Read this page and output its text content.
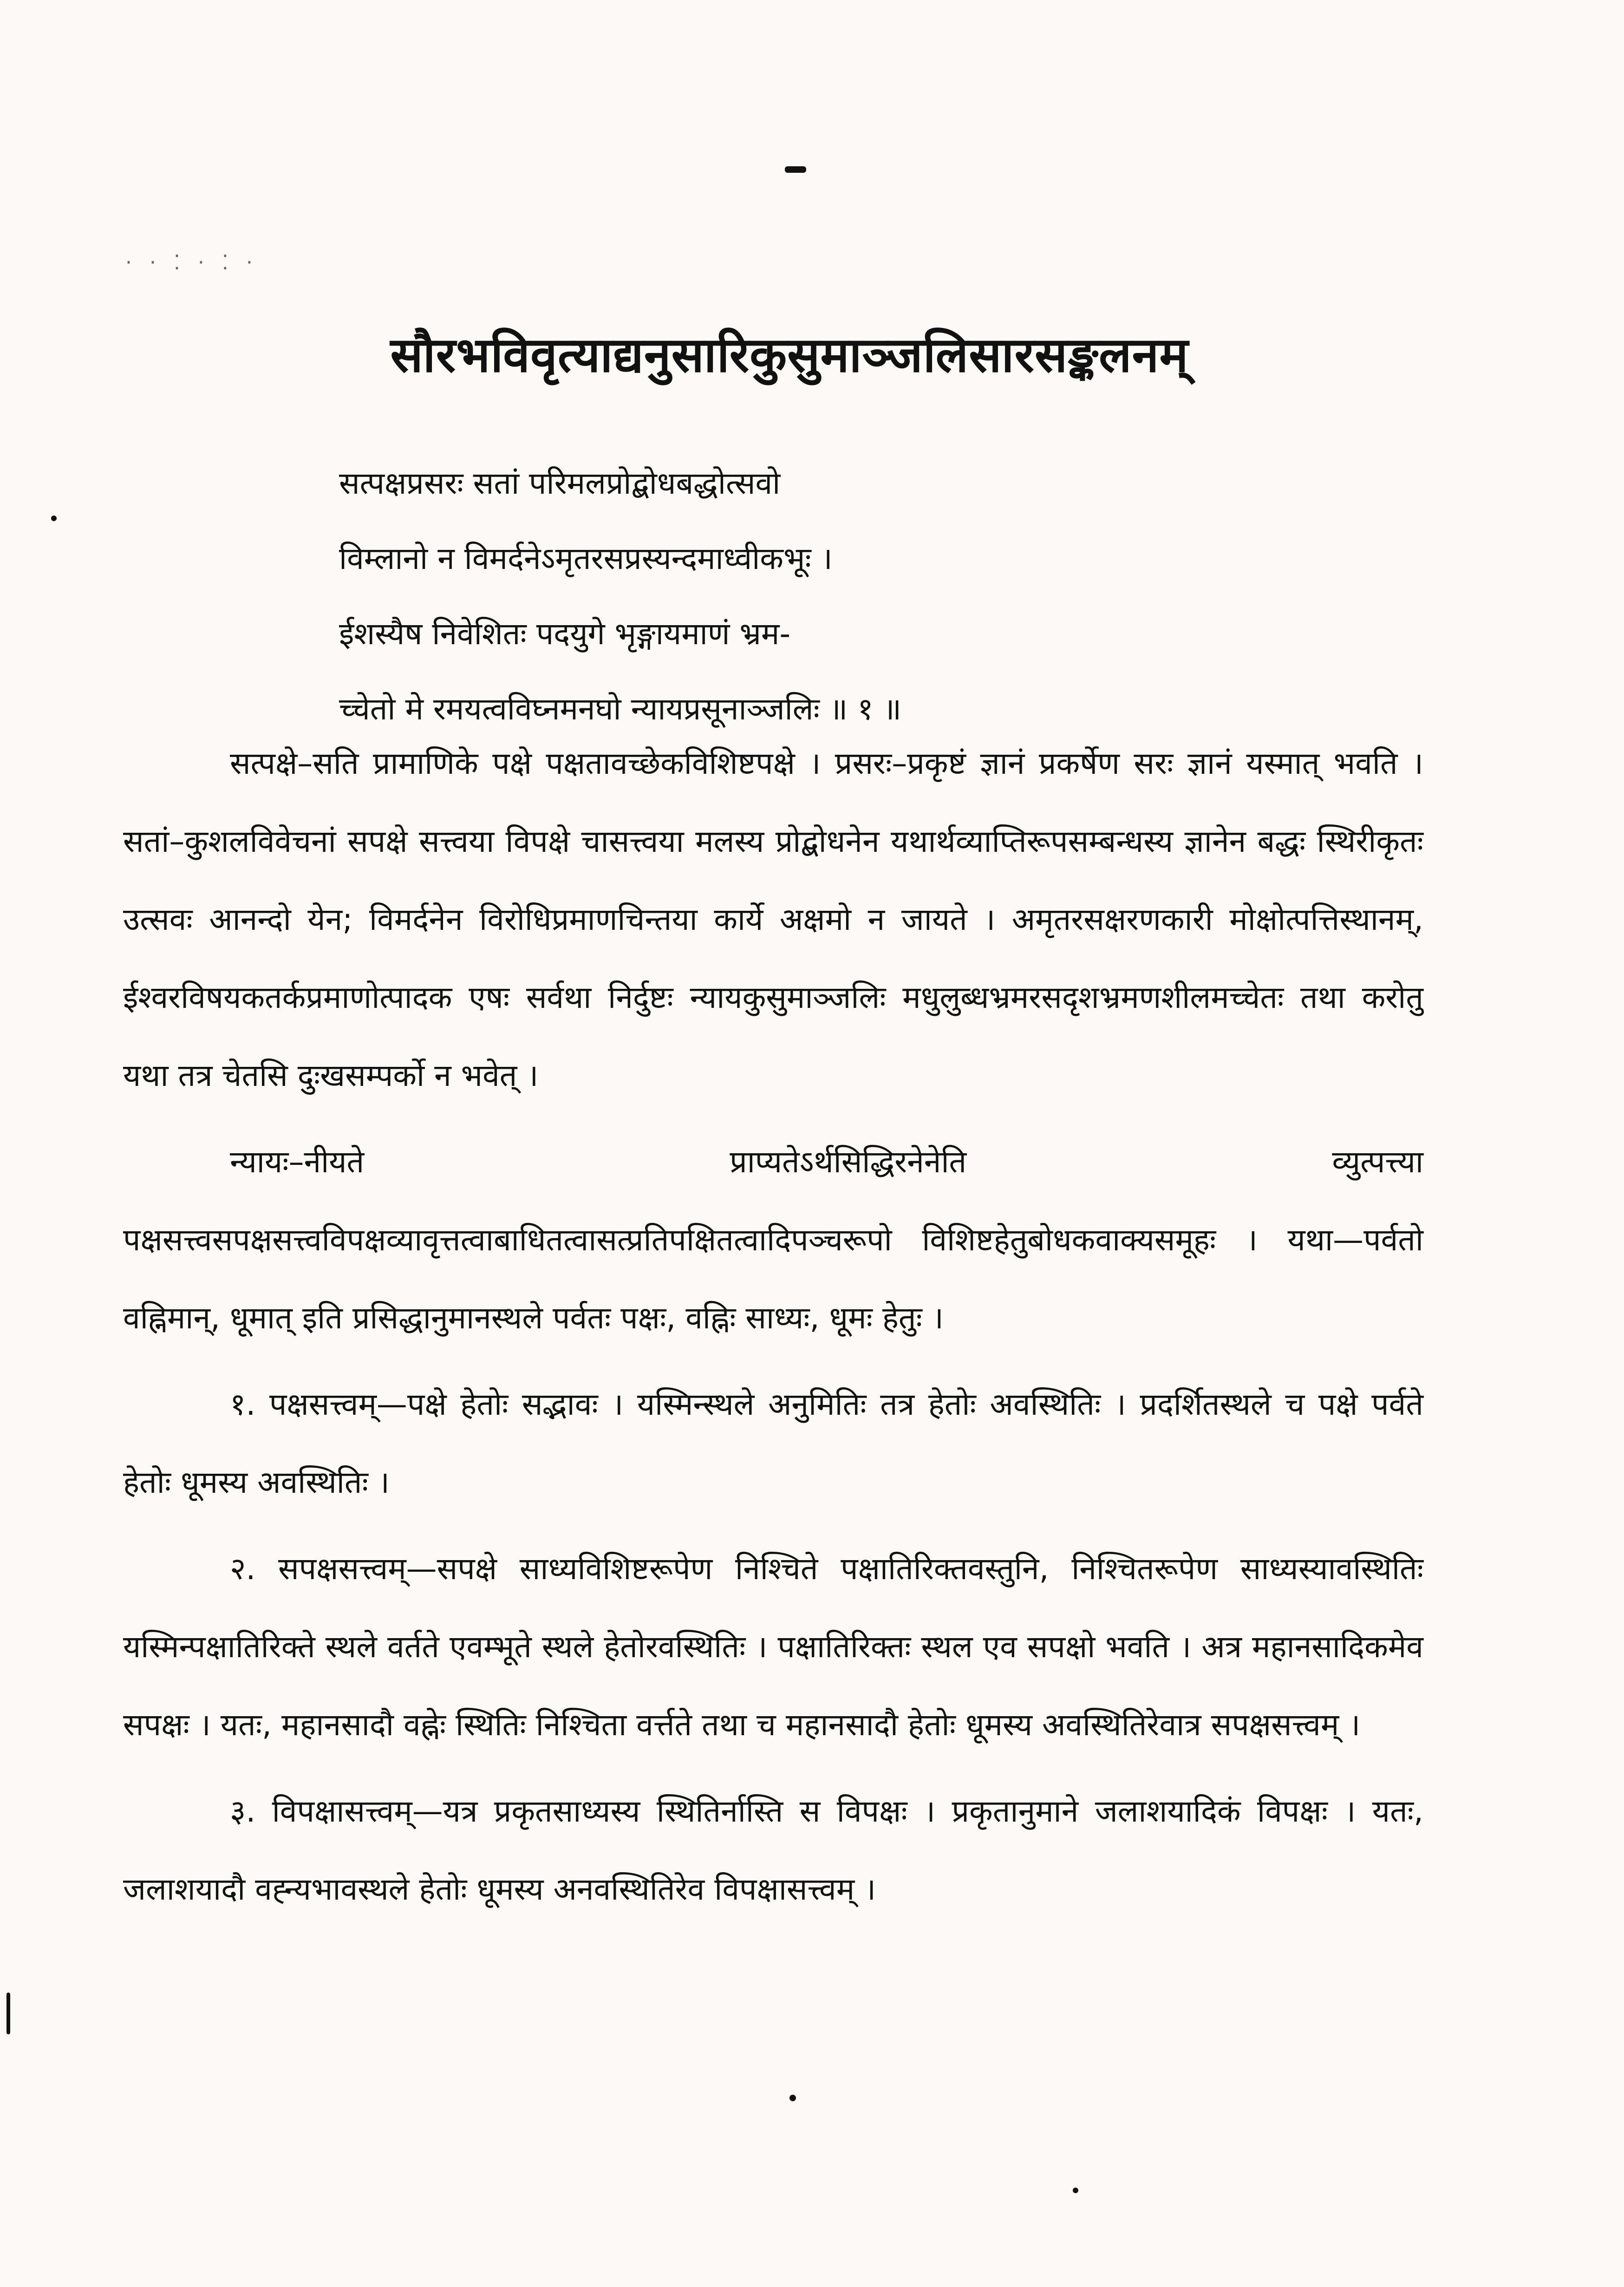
· · ⁚ · ⁚ ·
सौरभविवृत्याद्यनुसारिकुसुमाञ्जलिसारसङ्कलनम्
सत्पक्षप्रसरः सतां परिमलप्रोद्बोधबद्धोत्सवो
विम्लानो न विमर्दनेऽमृतरसप्रस्यन्दमाध्वीकभूः ।
ईशस्यैष निवेशितः पदयुगे भृङ्गायमाणं भ्रम-
च्चेतो मे रमयत्वविघ्नमनघो न्यायप्रसूनाञ्जलिः ॥ १ ॥

सत्पक्षे–सति प्रामाणिके पक्षे पक्षतावच्छेकविशिष्टपक्षे । प्रसरः–प्रकृष्टं ज्ञानं प्रकर्षेण सरः ज्ञानं यस्मात् भवति । सतां–कुशलविवेचनां सपक्षे सत्त्वया विपक्षे चासत्त्वया मलस्य प्रोद्बोधनेन यथार्थव्याप्तिरूपसम्बन्धस्य ज्ञानेन बद्धः स्थिरीकृतः उत्सवः आनन्दो येन; विमर्दनेन विरोधिप्रमाणचिन्तया कार्ये अक्षमो न जायते । अमृतरसक्षरणकारी मोक्षोत्पत्तिस्थानम्, ईश्वरविषयकतर्कप्रमाणोत्पादक एषः सर्वथा निर्दुष्टः न्यायकुसुमाञ्जलिः मधुलुब्धभ्रमरसदृशभ्रमणशीलमच्चेतः तथा करोतु यथा तत्र चेतसि दुःखसम्पर्को न भवेत् ।

न्यायः–नीयते प्राप्यतेऽर्थसिद्धिरनेनेति व्युत्पत्त्या पक्षसत्त्वसपक्षसत्त्वविपक्षव्यावृत्तत्वाबाधितत्वासत्प्रतिपक्षितत्वादिपञ्चरूपो विशिष्टहेतुबोधकवाक्यसमूहः । यथा—पर्वतो वह्निमान्, धूमात् इति प्रसिद्धानुमानस्थले पर्वतः पक्षः, वह्निः साध्यः, धूमः हेतुः ।

१. पक्षसत्त्वम्—पक्षे हेतोः सद्भावः । यस्मिन्स्थले अनुमितिः तत्र हेतोः अवस्थितिः । प्रदर्शितस्थले च पक्षे पर्वते हेतोः धूमस्य अवस्थितिः ।

२. सपक्षसत्त्वम्—सपक्षे साध्यविशिष्टरूपेण निश्चिते पक्षातिरिक्तवस्तुनि, निश्चितरूपेण साध्यस्यावस्थितिः यस्मिन्पक्षातिरिक्ते स्थले वर्तते एवम्भूते स्थले हेतोरवस्थितिः । पक्षातिरिक्तः स्थल एव सपक्षो भवति । अत्र महानसादिकमेव सपक्षः । यतः, महानसादौ वह्नेः स्थितिः निश्चिता वर्त्तते तथा च महानसादौ हेतोः धूमस्य अवस्थितिरेवात्र सपक्षसत्त्वम् ।

३. विपक्षासत्त्वम्—यत्र प्रकृतसाध्यस्य स्थितिर्नास्ति स विपक्षः । प्रकृतानुमाने जलाशयादिकं विपक्षः । यतः, जलाशयादौ वह्न्यभावस्थले हेतोः धूमस्य अनवस्थितिरेव विपक्षासत्त्वम् ।
